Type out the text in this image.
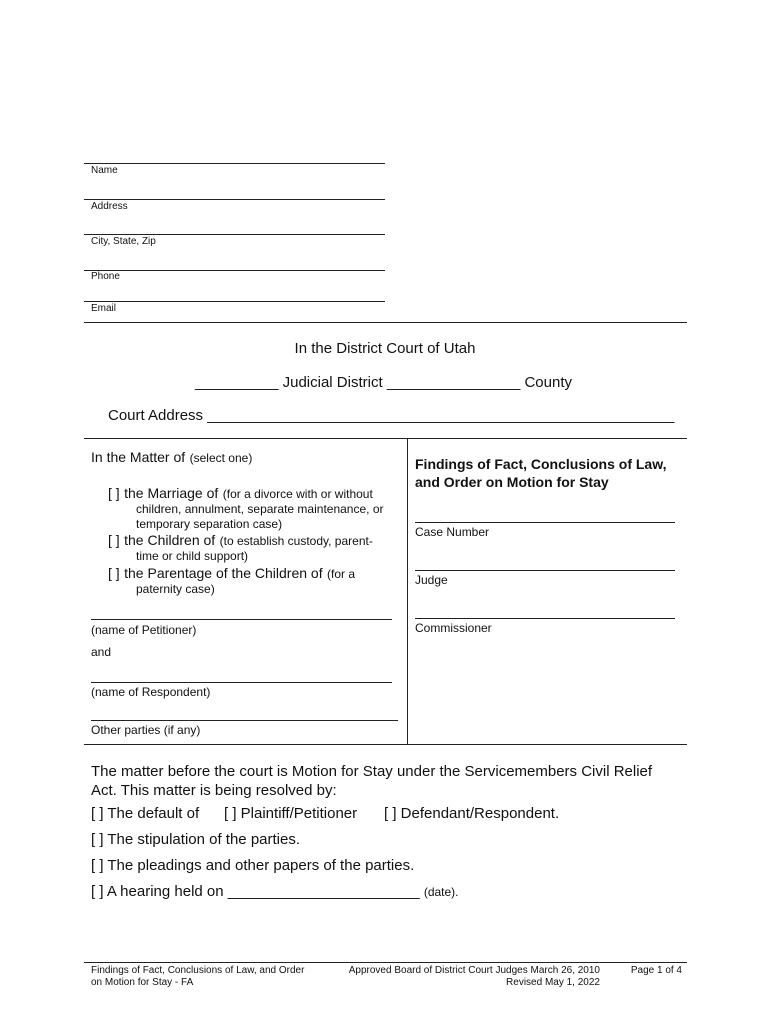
Name
Address
City, State, Zip
Phone
Email
In the District Court of Utah
__________ Judicial District ________________ County
Court Address ________________________________________________________
In the Matter of (select one)
[ ] the Marriage of (for a divorce with or without
children, annulment, separate maintenance, or
temporary separation case)
[ ] the Children of (to establish custody, parent-
time or child support)
[ ] the Parentage of the Children of (for a
paternity case)
(name of Petitioner)
and
(name of Respondent)
Other parties (if any)
Findings of Fact, Conclusions of Law, and Order on Motion for Stay
Case Number
Judge
Commissioner
The matter before the court is Motion for Stay under the Servicemembers Civil Relief Act. This matter is being resolved by:
[ ] The default of [ ] Plaintiff/Petitioner [ ] Defendant/Respondent.
[ ] The stipulation of the parties.
[ ] The pleadings and other papers of the parties.
[ ] A hearing held on _______________________ (date).
Findings of Fact, Conclusions of Law, and Order
on Motion for Stay - FA
Approved Board of District Court Judges March 26, 2010
Revised May 1, 2022
Page 1 of 4
